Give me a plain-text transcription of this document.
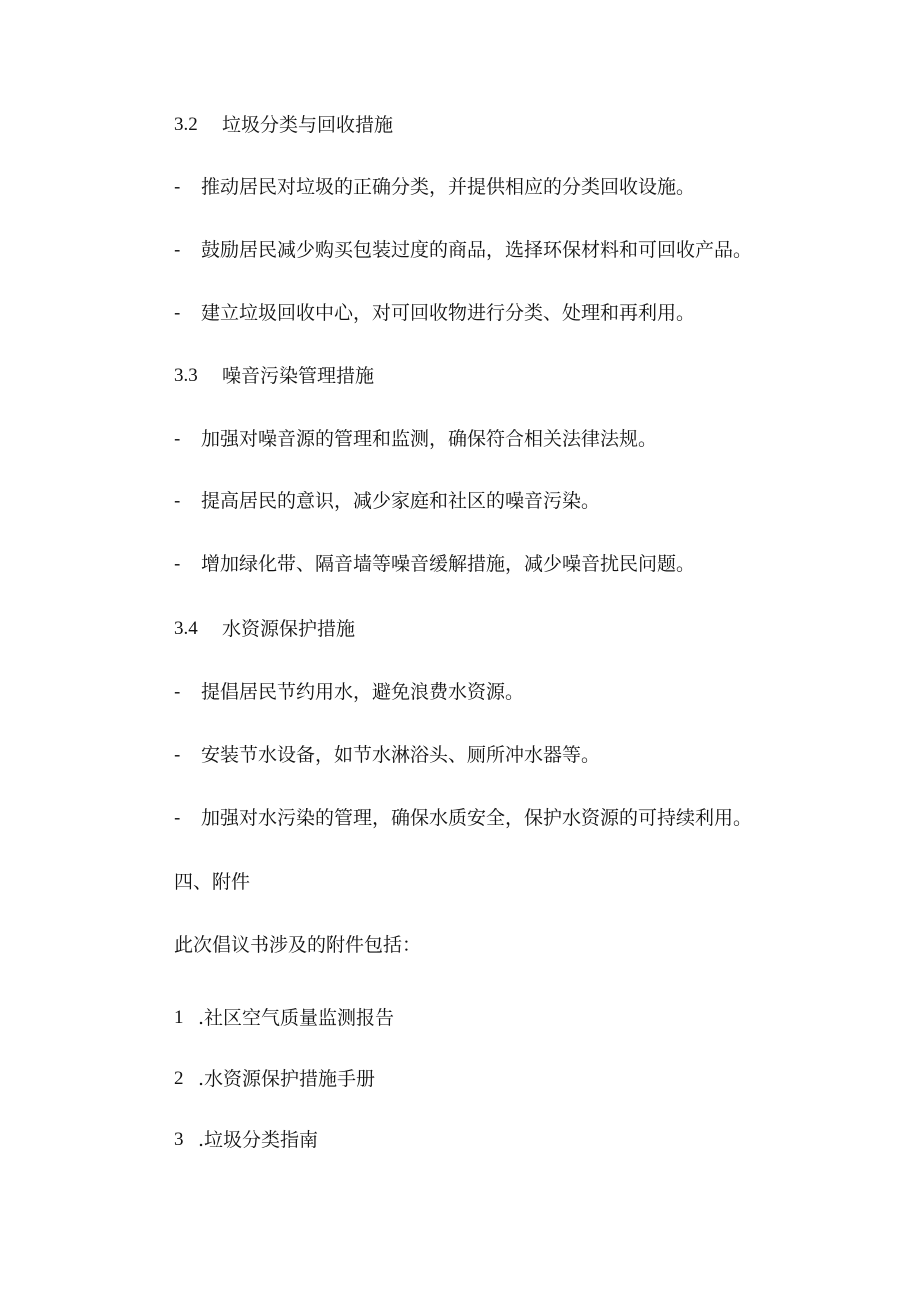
3.2 垃圾分类与回收措施
- 推动居民对垃圾的正确分类，并提供相应的分类回收设施。
- 鼓励居民减少购买包装过度的商品，选择环保材料和可回收产品。
- 建立垃圾回收中心，对可回收物进行分类、处理和再利用。
3.3 噪音污染管理措施
- 加强对噪音源的管理和监测，确保符合相关法律法规。
- 提高居民的意识，减少家庭和社区的噪音污染。
- 增加绿化带、隔音墙等噪音缓解措施，减少噪音扰民问题。
3.4 水资源保护措施
- 提倡居民节约用水，避免浪费水资源。
- 安装节水设备，如节水淋浴头、厕所冲水器等。
- 加强对水污染的管理，确保水质安全，保护水资源的可持续利用。
四、附件
此次倡议书涉及的附件包括：
1 .社区空气质量监测报告
2 .水资源保护措施手册
3 .垃圾分类指南
